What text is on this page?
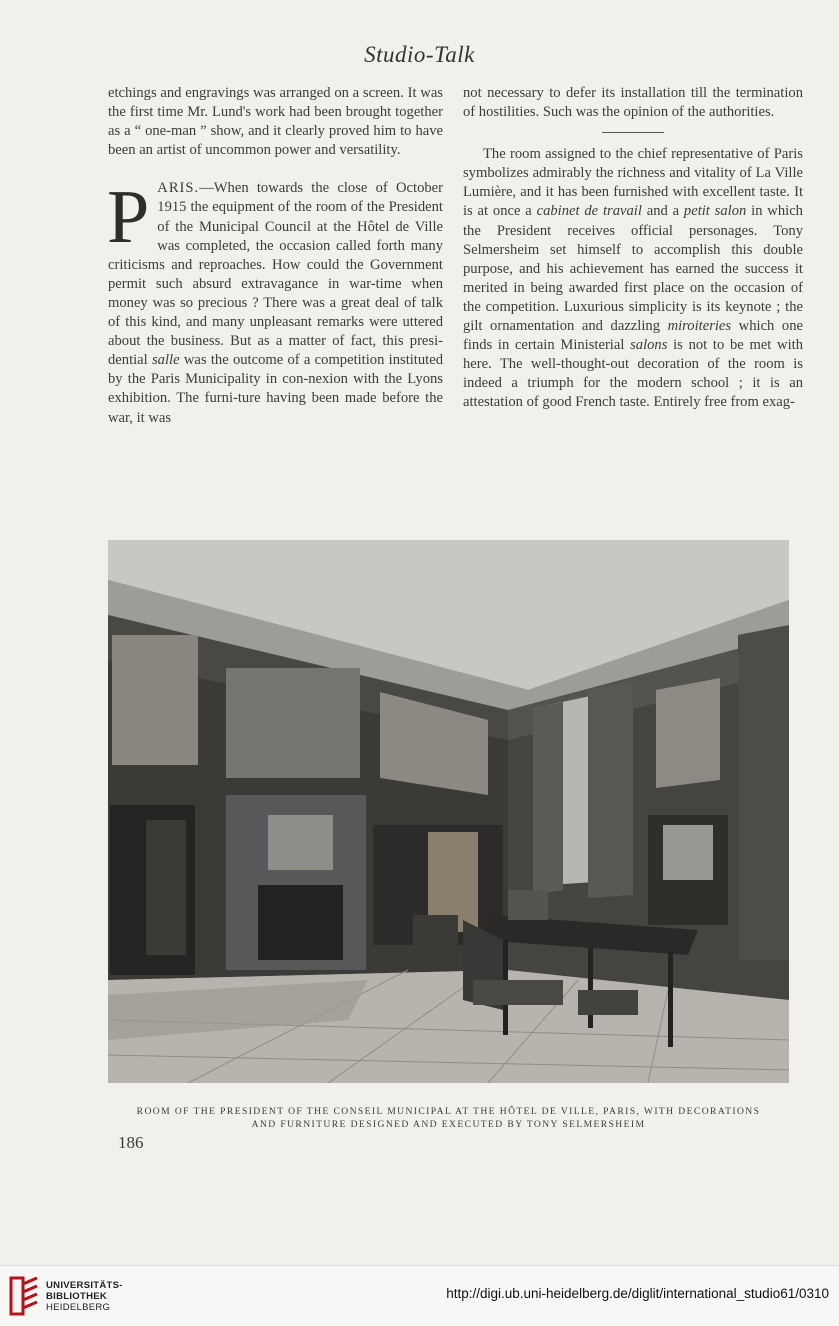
Studio-Talk

etchings and engravings was arranged on a screen. It was the first time Mr. Lund's work had been brought together as a “ one-man ” show, and it clearly proved him to have been an artist of uncommon power and versatility.

PARIS.—When towards the close of October 1915 the equipment of the room of the President of the Municipal Council at the Hôtel de Ville was completed, the occasion called forth many criticisms and reproaches. How could the Government permit such absurd extravagance in war-time when money was so precious ? There was a great deal of talk of this kind, and many unpleasant remarks were uttered about the business. But as a matter of fact, this presi-dential salle was the outcome of a competition instituted by the Paris Municipality in con-nexion with the Lyons exhibition. The furni-ture having been made before the war, it was

not necessary to defer its installation till the termination of hostilities. Such was the opinion of the authorities.

The room assigned to the chief representative of Paris symbolizes admirably the richness and vitality of La Ville Lumière, and it has been furnished with excellent taste. It is at once a cabinet de travail and a petit salon in which the President receives official personages. Tony Selmersheim set himself to accomplish this double purpose, and his achievement has earned the success it merited in being awarded first place on the occasion of the competition. Luxurious simplicity is its keynote ; the gilt ornamentation and dazzling miroiteries which one finds in certain Ministerial salons is not to be met with here. The well-thought-out decoration of the room is indeed a triumph for the modern school ; it is an attestation of good French taste. Entirely free from exag-

ROOM OF THE PRESIDENT OF THE CONSEIL MUNICIPAL AT THE HÔTEL DE VILLE, PARIS, WITH DECORATIONS
AND FURNITURE DESIGNED AND EXECUTED BY TONY SELMERSHEIM
186
UNIVERSITÄTS-
BIBLIOTHEK
HEIDELBERG
http://digi.ub.uni-heidelberg.de/diglit/international_studio61/0310
